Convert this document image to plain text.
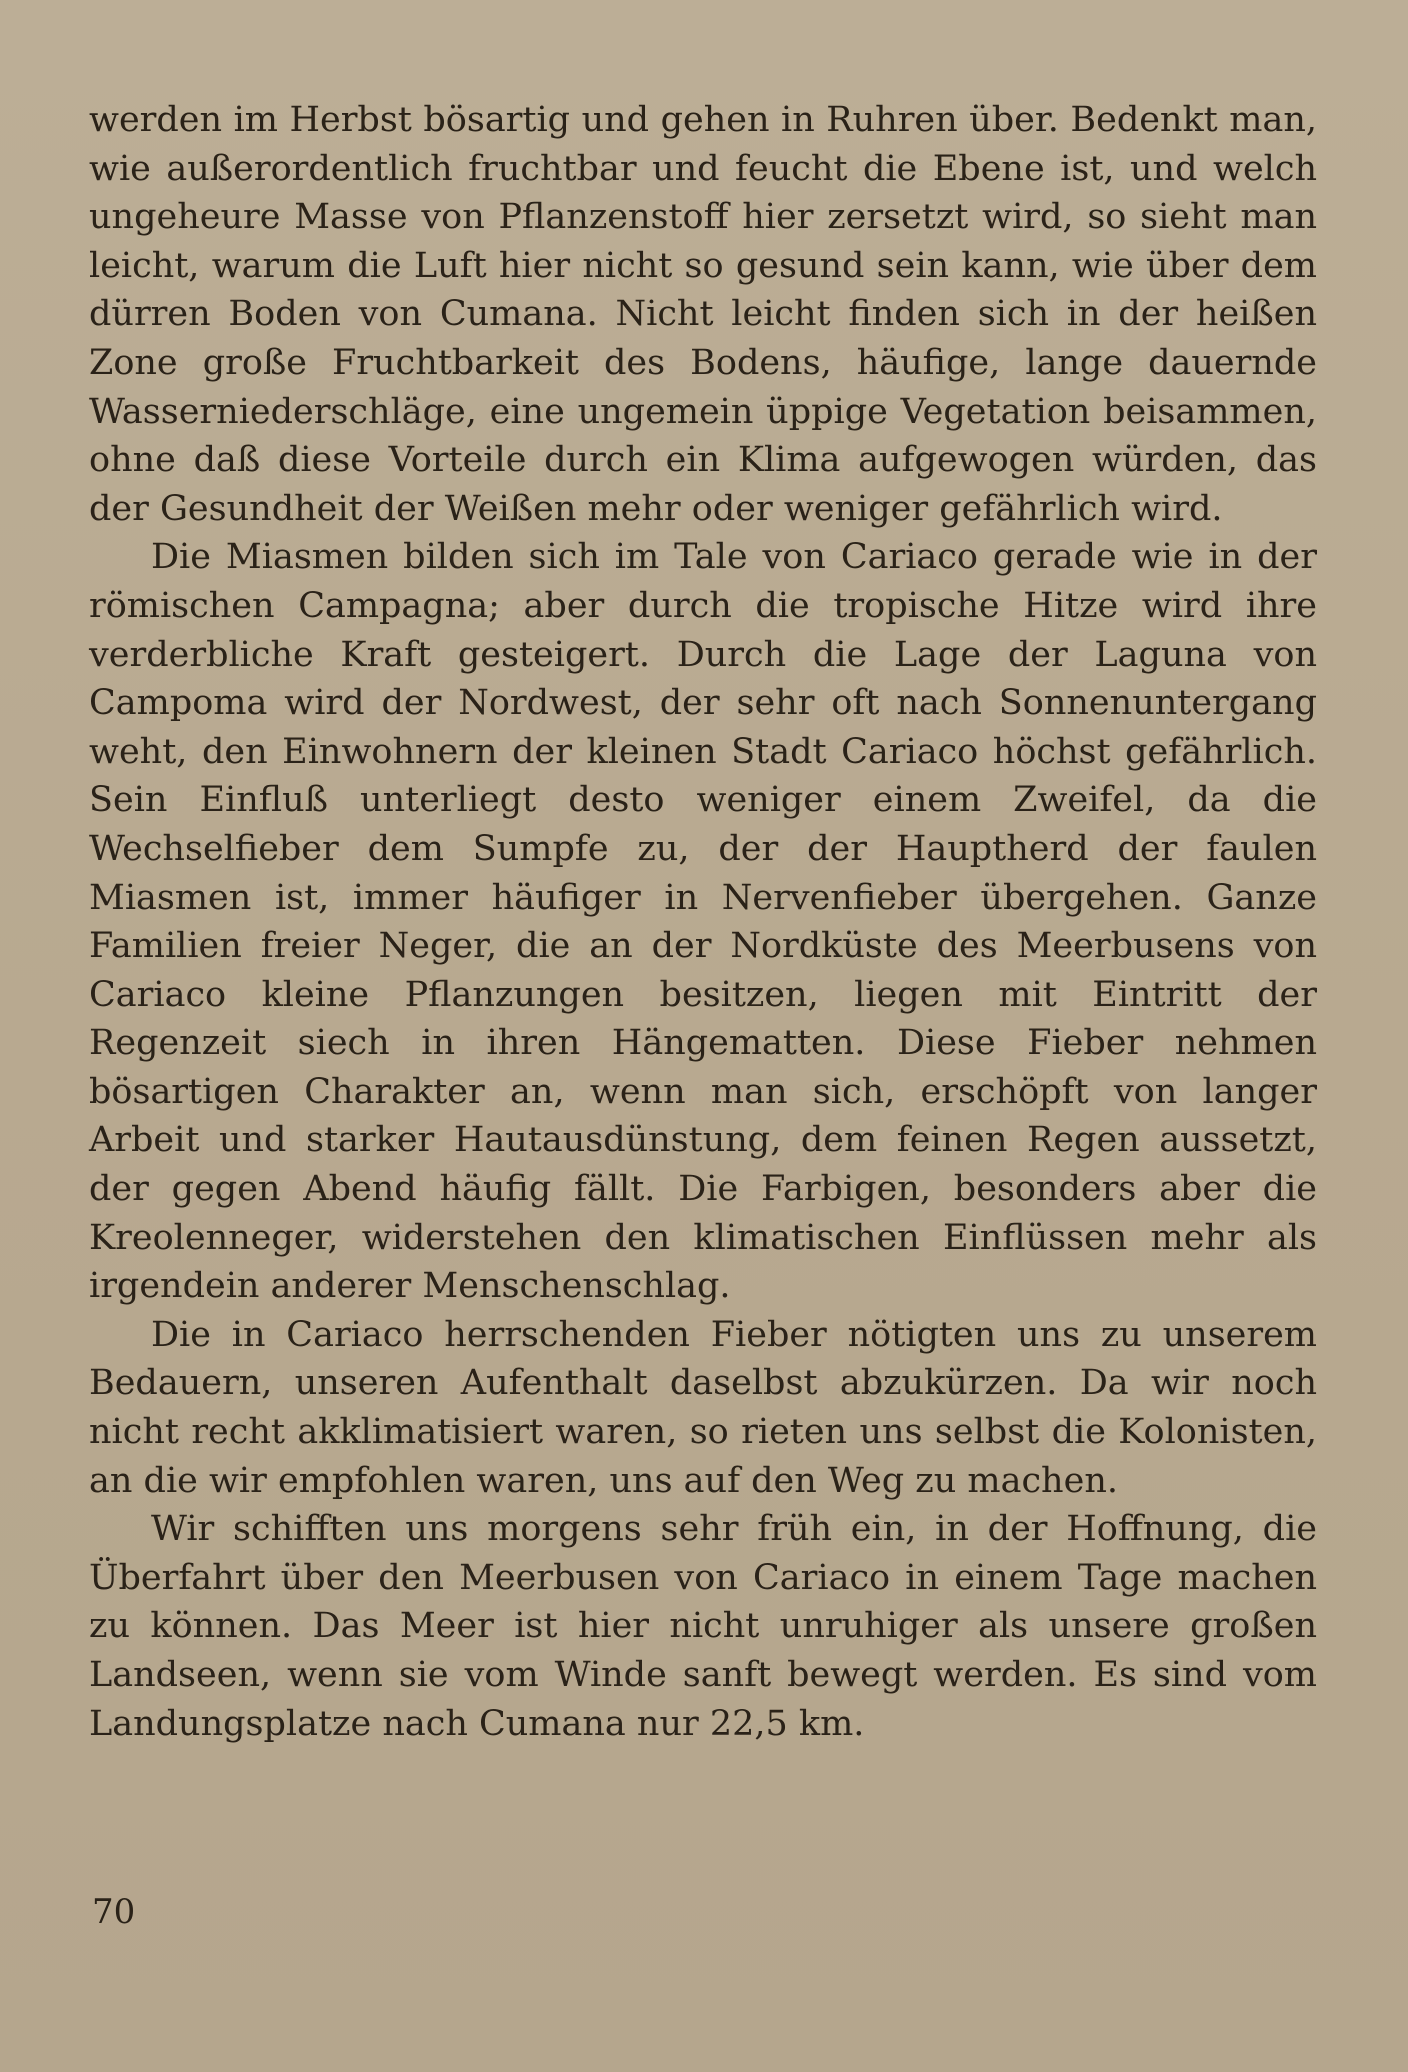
werden im Herbst bösartig und gehen in Ruhren über. Bedenkt man, wie außerordentlich fruchtbar und feucht die Ebene ist, und welch ungeheure Masse von Pflanzenstoff hier zersetzt wird, so sieht man leicht, warum die Luft hier nicht so gesund sein kann, wie über dem dürren Boden von Cumana. Nicht leicht finden sich in der heißen Zone große Fruchtbarkeit des Bodens, häufige, lange dauernde Wasserniederschläge, eine ungemein üppige Vegetation beisammen, ohne daß diese Vorteile durch ein Klima aufgewogen würden, das der Gesundheit der Weißen mehr oder weniger gefährlich wird.

Die Miasmen bilden sich im Tale von Cariaco gerade wie in der römischen Campagna; aber durch die tropische Hitze wird ihre verderbliche Kraft gesteigert. Durch die Lage der Laguna von Campoma wird der Nordwest, der sehr oft nach Sonnenuntergang weht, den Einwohnern der kleinen Stadt Cariaco höchst gefährlich. Sein Einfluß unterliegt desto weniger einem Zweifel, da die Wechselfieber dem Sumpfe zu, der der Hauptherd der faulen Miasmen ist, immer häufiger in Nervenfieber übergehen. Ganze Familien freier Neger, die an der Nordküste des Meerbusens von Cariaco kleine Pflanzungen besitzen, liegen mit Eintritt der Regenzeit siech in ihren Hängematten. Diese Fieber nehmen bösartigen Charakter an, wenn man sich, erschöpft von langer Arbeit und starker Hautausdünstung, dem feinen Regen aussetzt, der gegen Abend häufig fällt. Die Farbigen, besonders aber die Kreolenneger, widerstehen den klimatischen Einflüssen mehr als irgendein anderer Menschenschlag.

Die in Cariaco herrschenden Fieber nötigten uns zu unserem Bedauern, unseren Aufenthalt daselbst abzukürzen. Da wir noch nicht recht akklimatisiert waren, so rieten uns selbst die Kolonisten, an die wir empfohlen waren, uns auf den Weg zu machen.

Wir schifften uns morgens sehr früh ein, in der Hoffnung, die Überfahrt über den Meerbusen von Cariaco in einem Tage machen zu können. Das Meer ist hier nicht unruhiger als unsere großen Landseen, wenn sie vom Winde sanft bewegt werden. Es sind vom Landungsplatze nach Cumana nur 22,5 km.

70
